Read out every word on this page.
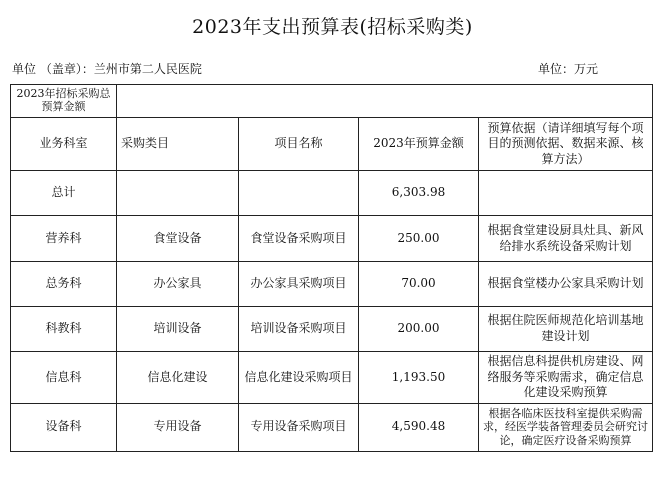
2023年支出预算表(招标采购类)
单位 （盖章）：兰州市第二人民医院	单位：万元
2023年招标采购总预算金额				
业务科室	采购类目	项目名称	2023年预算金额	预算依据（请详细填写每个项目的预测依据、数据来源、核算方法）
总计			6,303.98	
营养科	食堂设备	食堂设备采购项目	250.00	根据食堂建设厨具灶具、新风给排水系统设备采购计划
总务科	办公家具	办公家具采购项目	70.00	根据食堂楼办公家具采购计划
科教科	培训设备	培训设备采购项目	200.00	根据住院医师规范化培训基地建设计划
信息科	信息化建设	信息化建设采购项目	1,193.50	根据信息科提供机房建设、网络服务等采购需求，确定信息化建设采购预算
设备科	专用设备	专用设备采购项目	4,590.48	根据各临床医技科室提供采购需求，经医学装备管理委员会研究讨论，确定医疗设备采购预算
